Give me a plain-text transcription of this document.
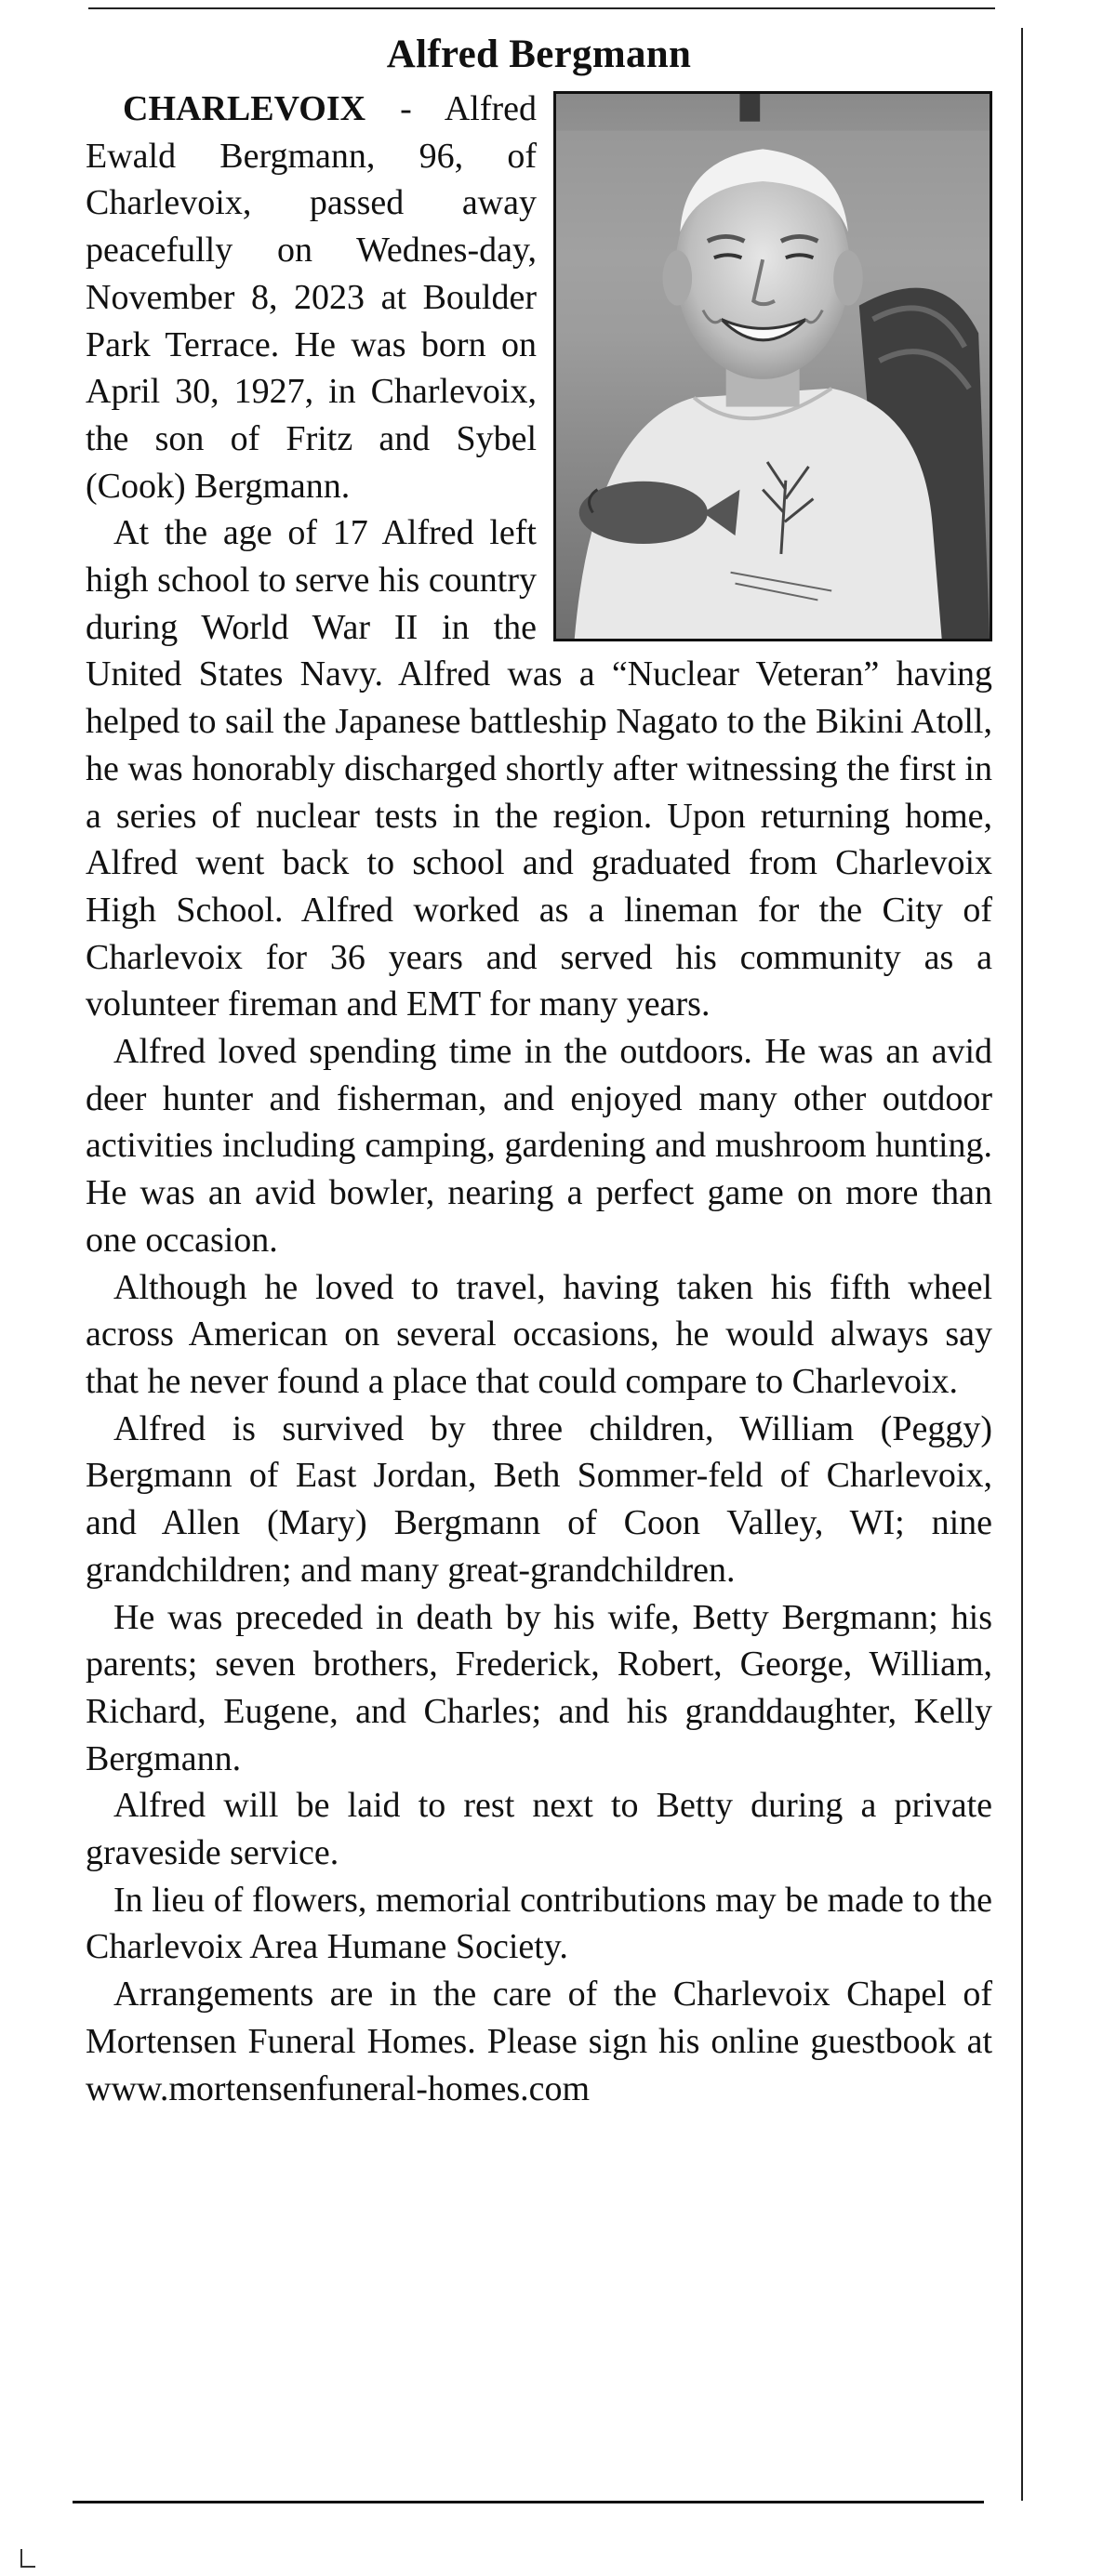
Alfred Bergmann

CHARLEVOIX - Alfred Ewald Bergmann, 96, of Charlevoix, passed away peacefully on Wednes-day, November 8, 2023 at Boulder Park Terrace. He was born on April 30, 1927, in Charlevoix, the son of Fritz and Sybel (Cook) Bergmann.

At the age of 17 Alfred left high school to serve his country during World War II in the United States Navy. Alfred was a “Nuclear Veteran” having helped to sail the Japanese battleship Nagato to the Bikini Atoll, he was honorably discharged shortly after witnessing the first in a series of nuclear tests in the region. Upon returning home, Alfred went back to school and graduated from Charlevoix High School. Alfred worked as a lineman for the City of Charlevoix for 36 years and served his community as a volunteer fireman and EMT for many years.

Alfred loved spending time in the outdoors. He was an avid deer hunter and fisherman, and enjoyed many other outdoor activities including camping, gardening and mushroom hunting. He was an avid bowler, nearing a perfect game on more than one occasion.

Although he loved to travel, having taken his fifth wheel across American on several occasions, he would always say that he never found a place that could compare to Charlevoix.

Alfred is survived by three children, William (Peggy) Bergmann of East Jordan, Beth Sommer-feld of Charlevoix, and Allen (Mary) Bergmann of Coon Valley, WI; nine grandchildren; and many great-grandchildren.

He was preceded in death by his wife, Betty Bergmann; his parents; seven brothers, Frederick, Robert, George, William, Richard, Eugene, and Charles; and his granddaughter, Kelly Bergmann.

Alfred will be laid to rest next to Betty during a private graveside service.

In lieu of flowers, memorial contributions may be made to the Charlevoix Area Humane Society.

Arrangements are in the care of the Charlevoix Chapel of Mortensen Funeral Homes. Please sign his online guestbook at www.mortensenfuneral-homes.com
